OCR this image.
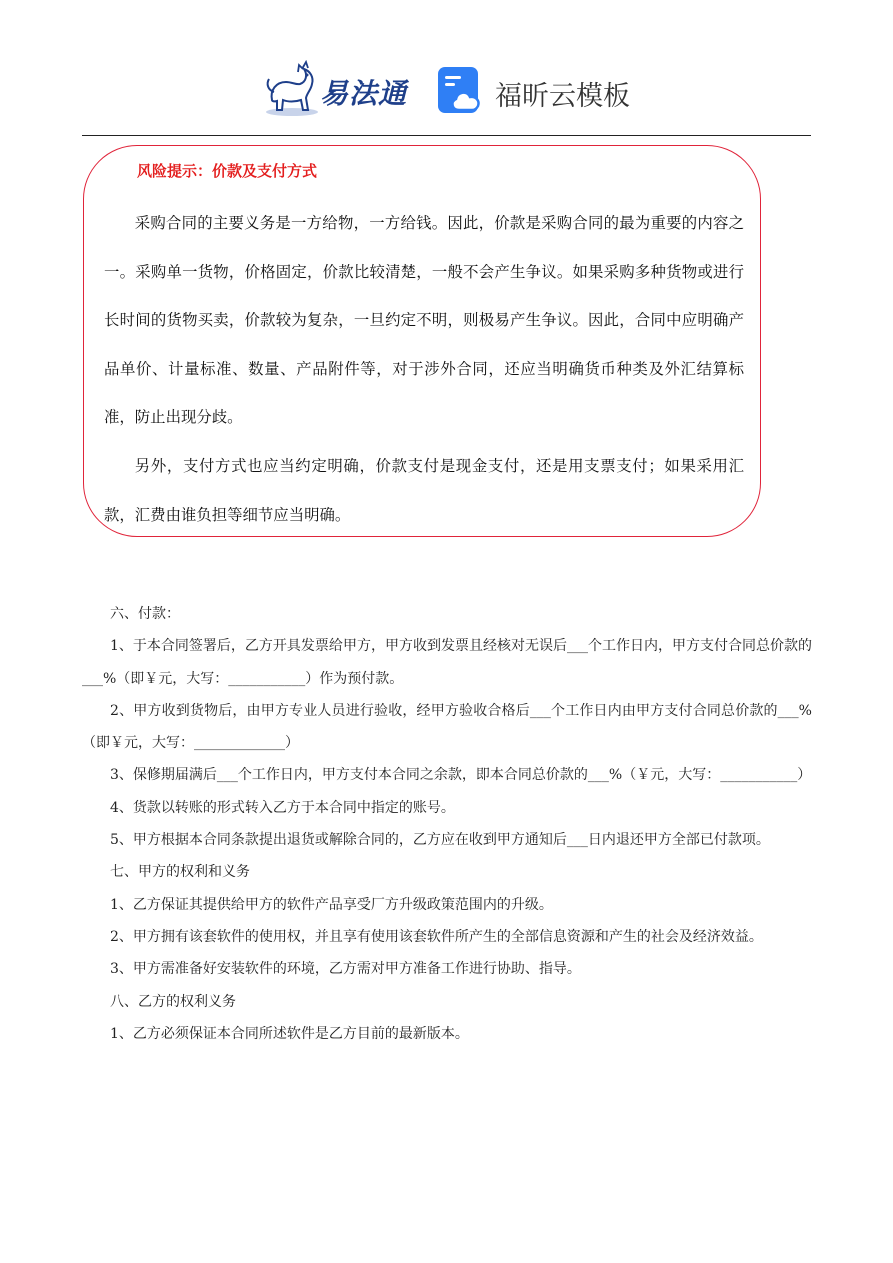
易法通	福昕云模板
风险提示：价款及支付方式

采购合同的主要义务是一方给物，一方给钱。因此，价款是采购合同的最为重要的内容之一。采购单一货物，价格固定，价款比较清楚，一般不会产生争议。如果采购多种货物或进行长时间的货物买卖，价款较为复杂，一旦约定不明，则极易产生争议。因此，合同中应明确产品单价、计量标准、数量、产品附件等，对于涉外合同，还应当明确货币种类及外汇结算标准，防止出现分歧。

另外，支付方式也应当约定明确，价款支付是现金支付，还是用支票支付；如果采用汇款，汇费由谁负担等细节应当明确。

六、付款：

1、于本合同签署后，乙方开具发票给甲方，甲方收到发票且经核对无误后___个工作日内，甲方支付合同总价款的___%（即￥元，大写：___________）作为预付款。

2、甲方收到货物后，由甲方专业人员进行验收，经甲方验收合格后___个工作日内由甲方支付合同总价款的___%（即￥元，大写：_____________）

3、保修期届满后___个工作日内，甲方支付本合同之余款，即本合同总价款的___%（￥元，大写：___________）

4、货款以转账的形式转入乙方于本合同中指定的账号。

5、甲方根据本合同条款提出退货或解除合同的，乙方应在收到甲方通知后___日内退还甲方全部已付款项。

七、甲方的权利和义务

1、乙方保证其提供给甲方的软件产品享受厂方升级政策范围内的升级。

2、甲方拥有该套软件的使用权，并且享有使用该套软件所产生的全部信息资源和产生的社会及经济效益。

3、甲方需准备好安装软件的环境，乙方需对甲方准备工作进行协助、指导。

八、乙方的权利义务

1、乙方必须保证本合同所述软件是乙方目前的最新版本。
